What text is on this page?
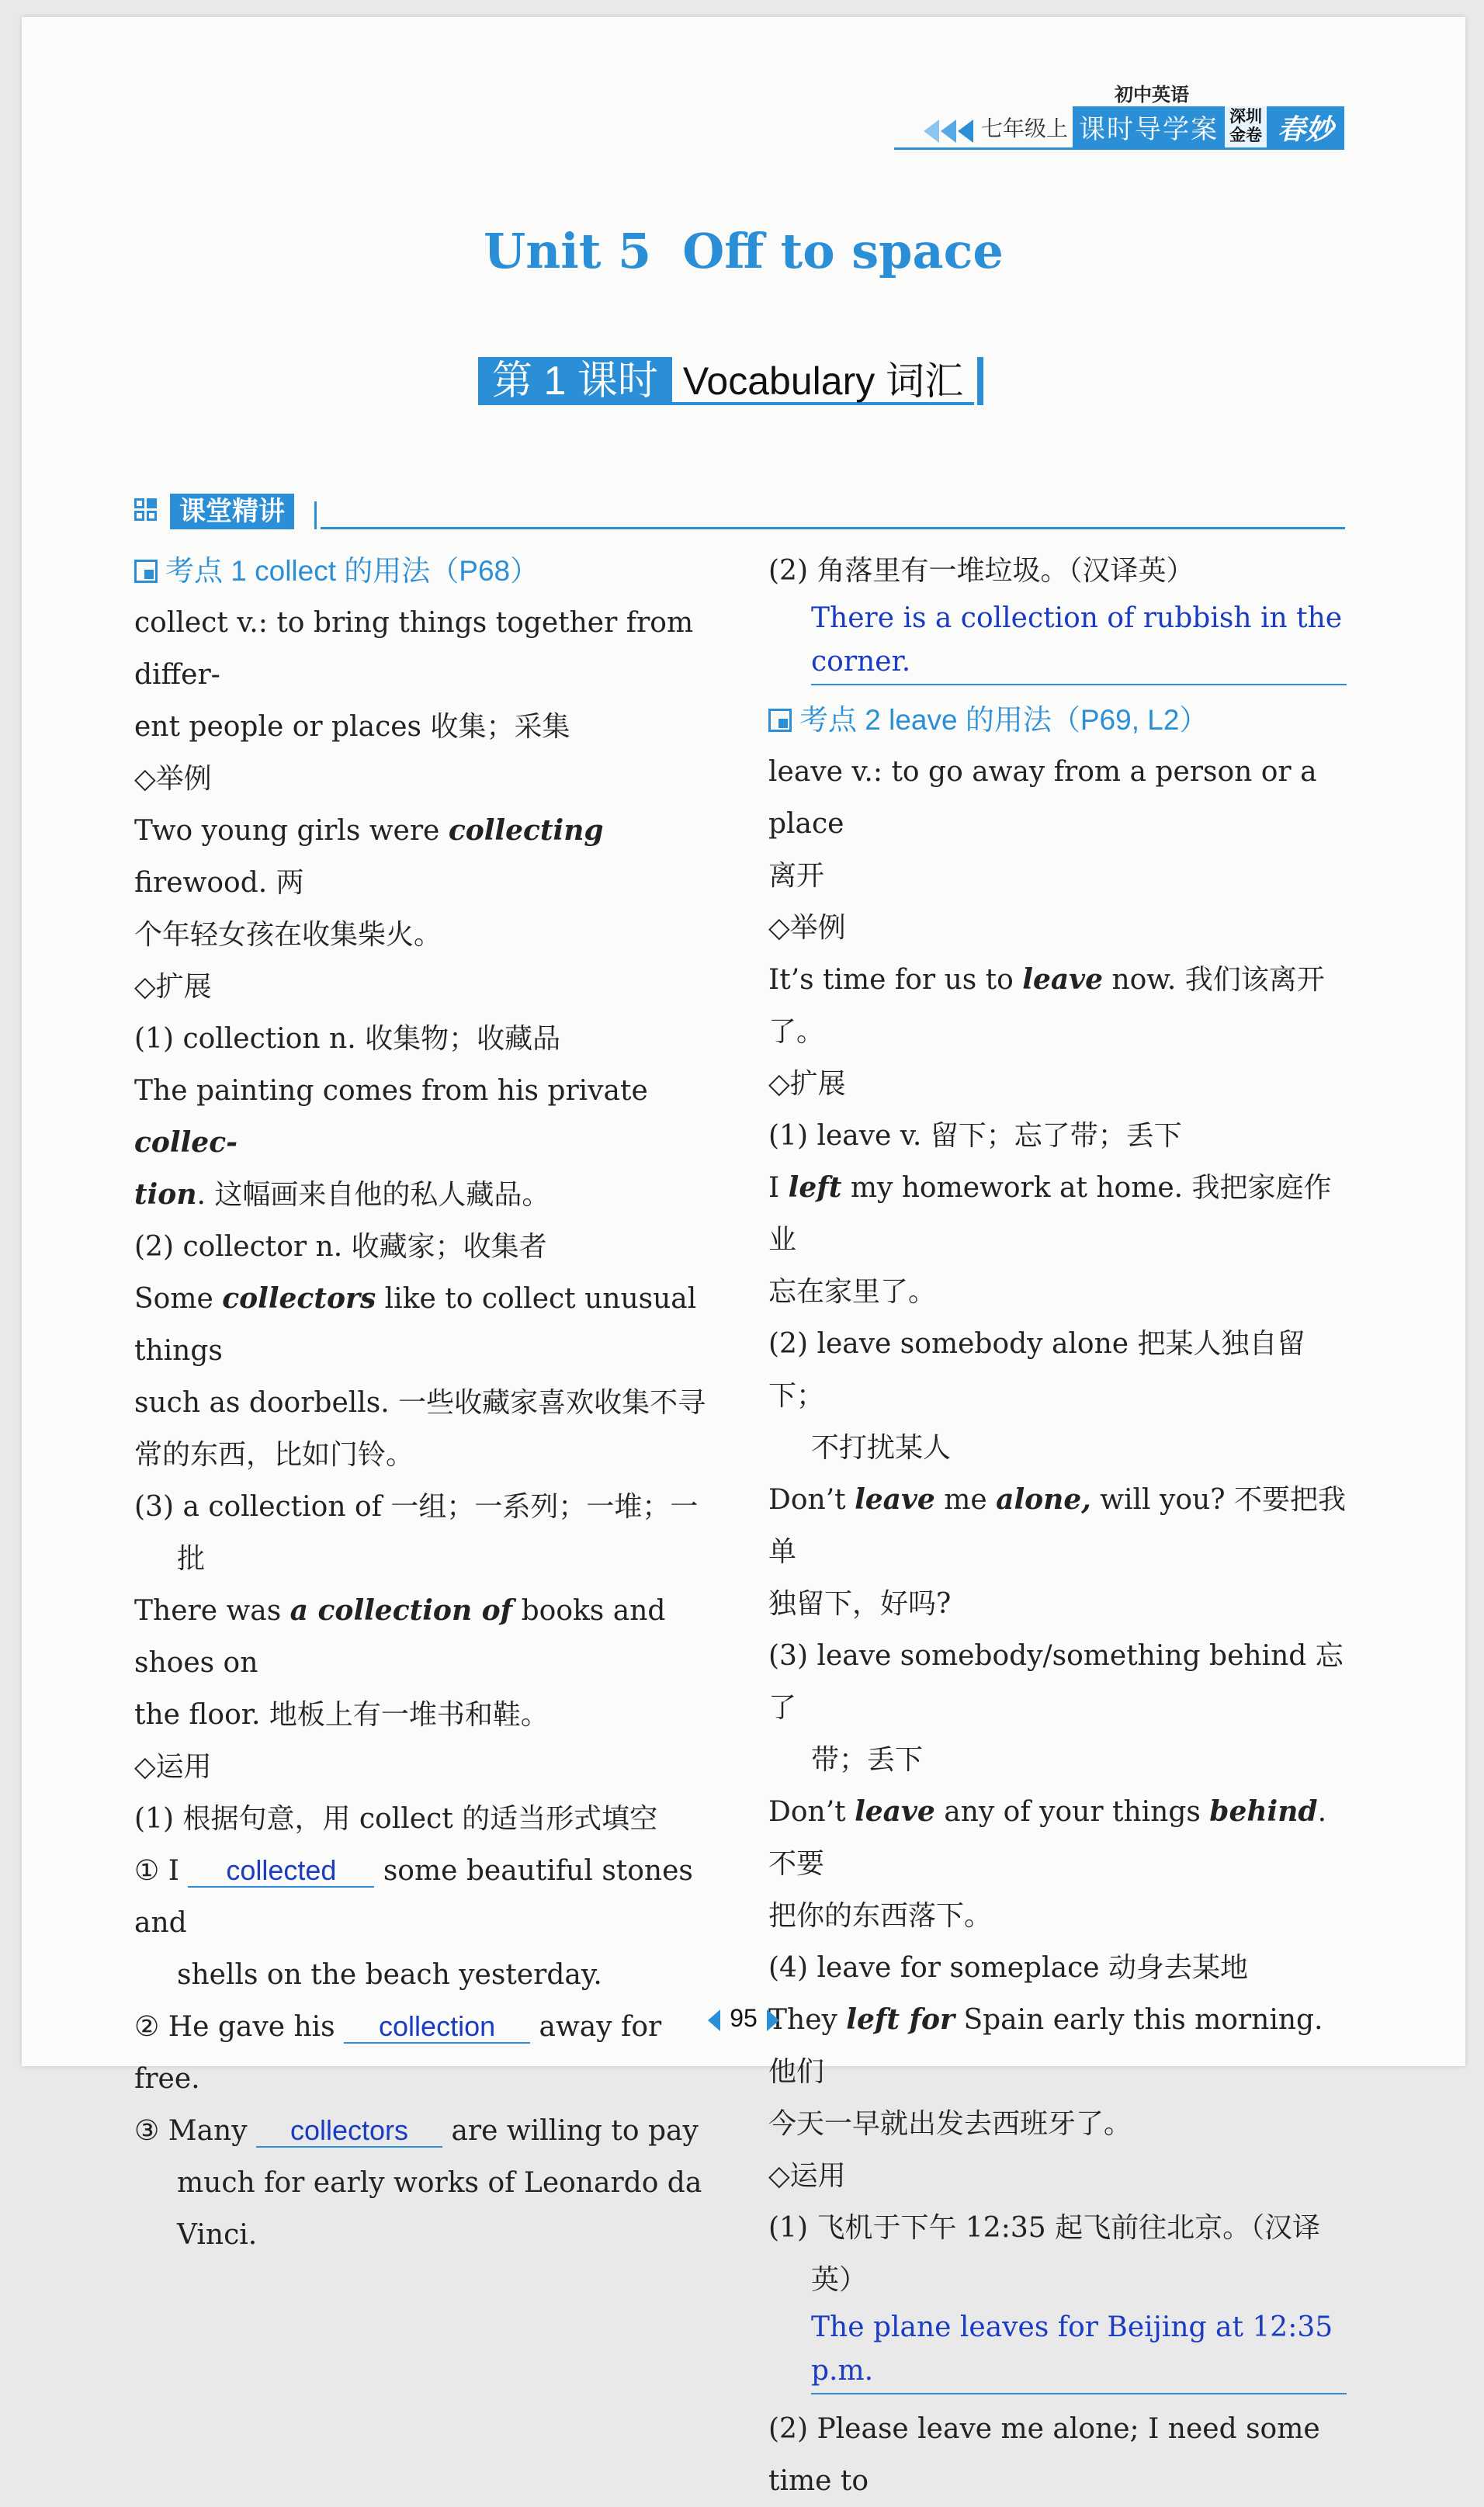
七年级上
初中英语
课时导学案 深圳金卷 春妙
Unit 5 Off to space
第 1 课时 Vocabulary 词汇
课堂精讲

考点 1 collect 的用法（P68）

collect v.: to bring things together from differ-

ent people or places 收集；采集

◇举例

Two young girls were collecting firewood. 两

个年轻女孩在收集柴火。

◇扩展

(1) collection n. 收集物；收藏品

The painting comes from his private collec-

tion. 这幅画来自他的私人藏品。

(2) collector n. 收藏家；收集者

Some collectors like to collect unusual things

such as doorbells. 一些收藏家喜欢收集不寻

常的东西，比如门铃。

(3) a collection of 一组；一系列；一堆；一

批

There was a collection of books and shoes on

the floor. 地板上有一堆书和鞋。

◇运用

(1) 根据句意，用 collect 的适当形式填空

① I collected some beautiful stones and

shells on the beach yesterday.

② He gave his collection away for free.

③ Many collectors are willing to pay

much for early works of Leonardo da

Vinci.

(2) 角落里有一堆垃圾。（汉译英）

There is a collection of rubbish in the corner.

考点 2 leave 的用法（P69, L2）

leave v.: to go away from a person or a place

离开

◇举例

It’s time for us to leave now. 我们该离开了。

◇扩展

(1) leave v. 留下；忘了带；丢下

I left my homework at home. 我把家庭作业

忘在家里了。

(2) leave somebody alone 把某人独自留下；

不打扰某人

Don’t leave me alone, will you? 不要把我单

独留下，好吗?

(3) leave somebody/something behind 忘了

带；丢下

Don’t leave any of your things behind. 不要

把你的东西落下。

(4) leave for someplace 动身去某地

They left for Spain early this morning. 他们

今天一早就出发去西班牙了。

◇运用

(1) 飞机于下午 12:35 起飞前往北京。（汉译

英）

The plane leaves for Beijing at 12:35 p.m.

(2) Please leave me alone; I need some time to

95
